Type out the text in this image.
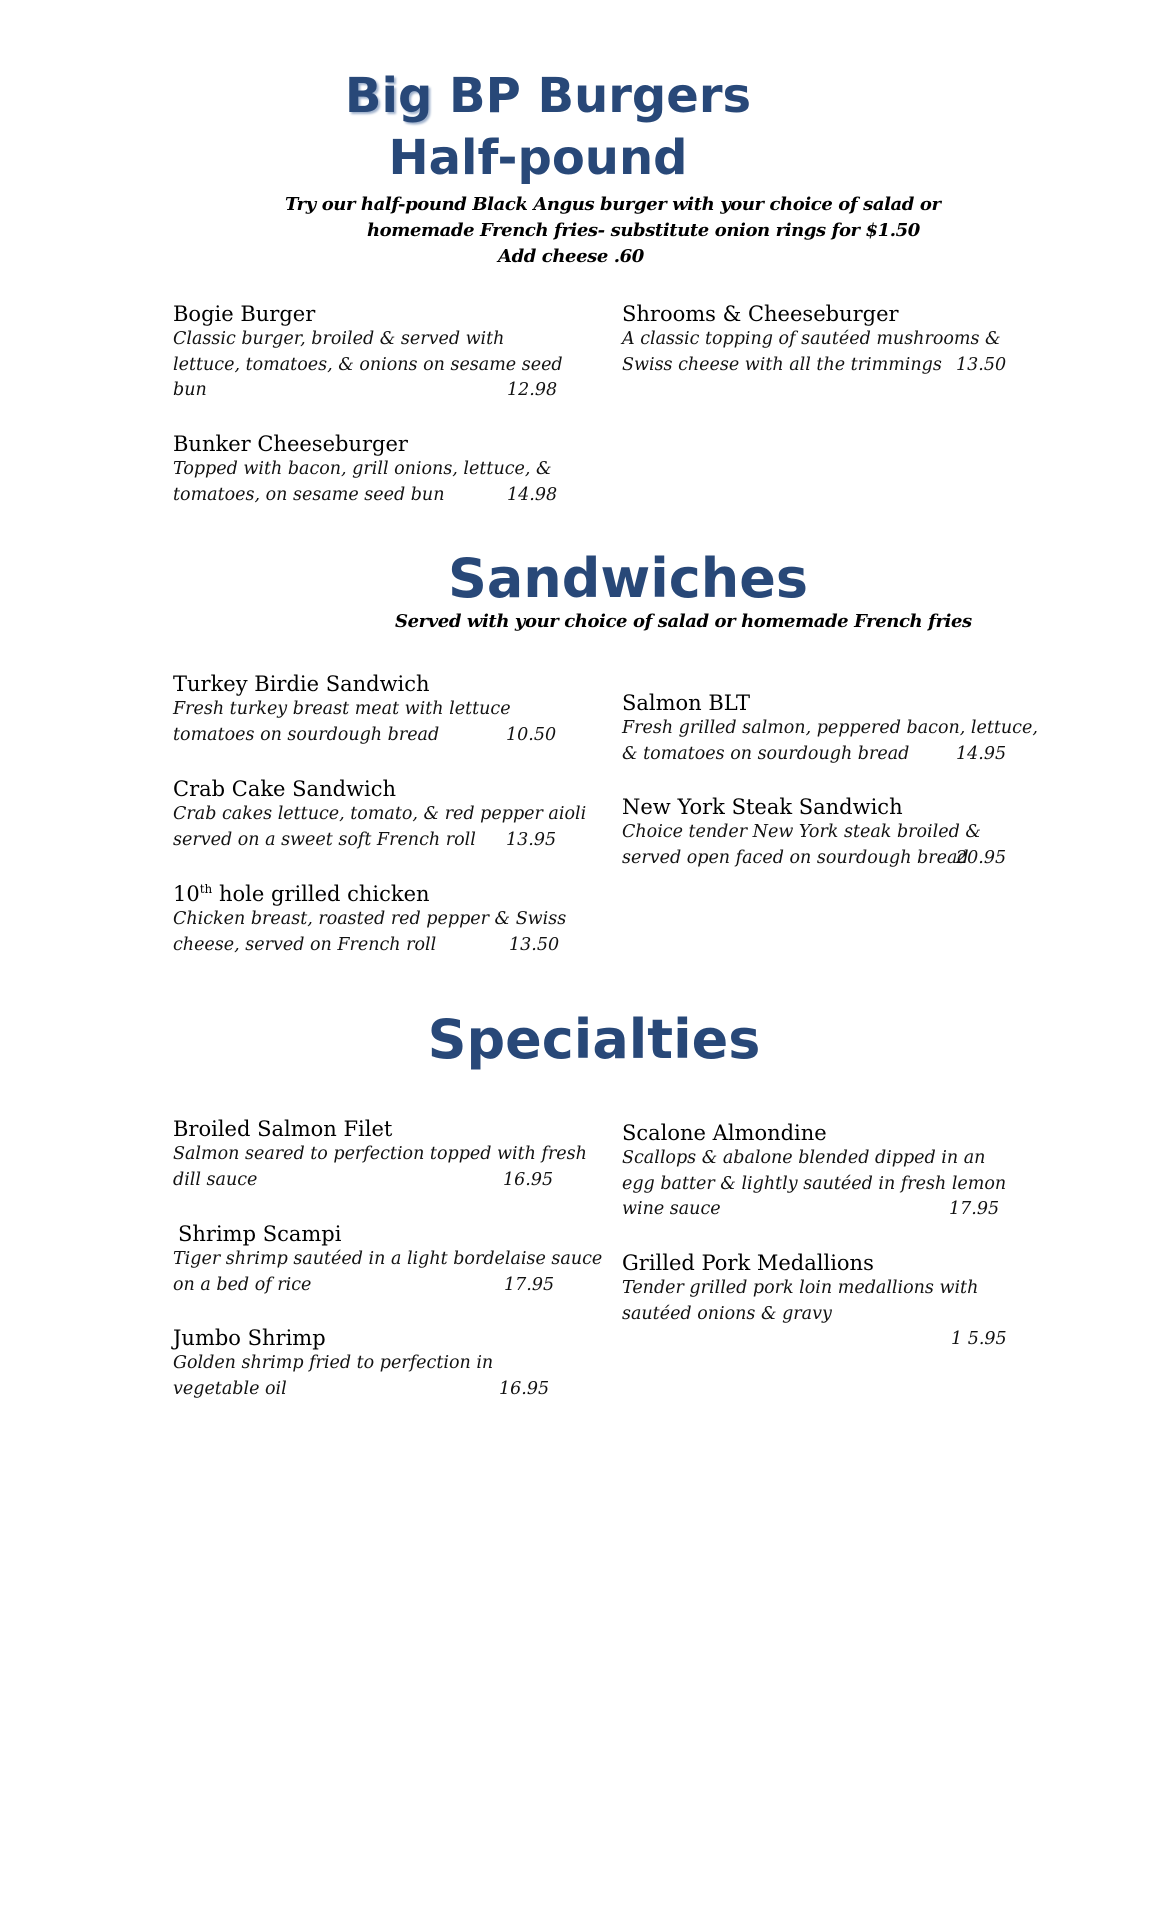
Big BP Burgers
Half-pound
Try our half-pound Black Angus burger with your choice of salad or
homemade French fries- substitute onion rings for $1.50
Add cheese .60
Bogie Burger
Classic burger, broiled & served with
lettuce, tomatoes, & onions on sesame seed
bun	12.98
Bunker Cheeseburger
Topped with bacon, grill onions, lettuce, &
tomatoes, on sesame seed bun	14.98
Shrooms & Cheeseburger
A classic topping of sautéed mushrooms &
Swiss cheese with all the trimmings 13.50
Sandwiches
Served with your choice of salad or homemade French fries
Turkey Birdie Sandwich
Fresh turkey breast meat with lettuce
tomatoes on sourdough bread	10.50
Crab Cake Sandwich
Crab cakes lettuce, tomato, & red pepper aioli
served on a sweet soft French roll 13.95
10th hole grilled chicken
Chicken breast, roasted red pepper & Swiss
cheese, served on French roll	13.50
Salmon BLT
Fresh grilled salmon, peppered bacon, lettuce,
& tomatoes on sourdough bread	14.95
New York Steak Sandwich
Choice tender New York steak broiled &
served open faced on sourdough bread
20.95
Specialties
Broiled Salmon Filet
Salmon seared to perfection topped with fresh
dill sauce	16.95
Shrimp Scampi
Tiger shrimp sautéed in a light bordelaise sauce
on a bed of rice	17.95
Jumbo Shrimp
Golden shrimp fried to perfection in
vegetable oil	16.95
Scalone Almondine
Scallops & abalone blended dipped in an
egg batter & lightly sautéed in fresh lemon
wine sauce	17.95
Grilled Pork Medallions
Tender grilled pork loin medallions with
sautéed onions & gravy

1 5.95
